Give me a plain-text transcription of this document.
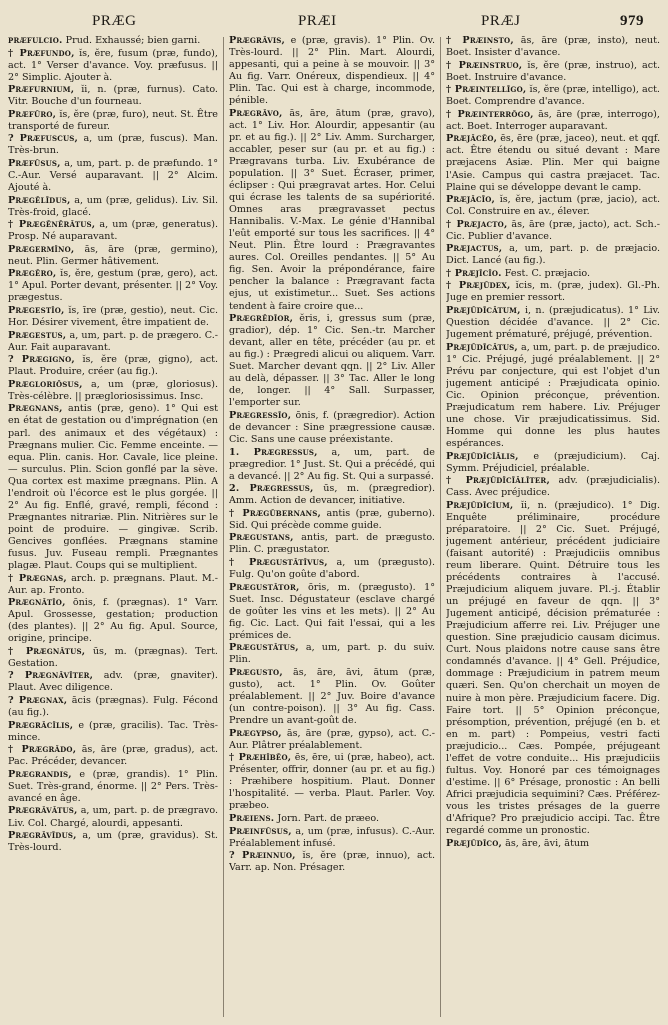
PRÆG	PRÆI	PRÆJ	979

præfulcio. Prud. Exhaussé; bien garni.

† Præfundo, ĭs, ĕre, fusum (præ, fundo), act. 1° Verser d'avance. Voy. præfusus. || 2° Simplic. Ajouter à.

Præfurnium, ĭi, n. (præ, furnus). Cato. Vitr. Bouche d'un fourneau.

Præfūro, ĭs, ĕre (præ, furo), neut. St. Être transporté de fureur.

? Præfuscus, a, um (præ, fuscus). Man. Très-brun.

Præfūsus, a, um, part. p. de præfundo. 1° C.-Aur. Versé auparavant. || 2° Alcim. Ajouté à.

Prægĕlĭdus, a, um (præ, gelidus). Liv. Sil. Très-froid, glacé.

† Prægĕnĕrātus, a, um (præ, generatus). Prosp. Né auparavant.

Prægermĭno, ās, āre (præ, germino), neut. Plin. Germer hâtivement.

Prægĕro, ĭs, ĕre, gestum (præ, gero), act. 1° Apul. Porter devant, présenter. || 2° Voy. prægestus.

Prægestĭo, ĭs, īre (præ, gestio), neut. Cic. Hor. Désirer vivement, être impatient de.

Prægestus, a, um, part. p. de prægero. C.-Aur. Fait auparavant.

? Prægigno, ĭs, ĕre (præ, gigno), act. Plaut. Produire, créer (au fig.).

Prægloriōsus, a, um (præ, gloriosus). Très-célèbre. || prægloriosissimus. Insc.

Prægnans, antis (præ, geno). 1° Qui est en état de gestation ou d'imprégnation (en parl. des animaux et des végétaux) : Prægnans mulier. Cic. Femme enceinte. — equa. Plin. canis. Hor. Cavale, lice pleine. — surculus. Plin. Scion gonflé par la sève. Qua cortex est maxime prægnans. Plin. A l'endroit où l'écorce est le plus gorgée. || 2° Au fig. Enflé, gravé, rempli, fécond : Prægnantes nitrariæ. Plin. Nitrières sur le point de produire. — gingivæ. Scrib. Gencives gonflées. Prægnans stamine fusus. Juv. Fuseau rempli. Prægnantes plagæ. Plaut. Coups qui se multiplient.

† Prægnas, arch. p. prægnans. Plaut. M.-Aur. ap. Fronto.

Prægnātĭo, ōnis, f. (prægnas). 1° Varr. Apul. Grossesse, gestation; production (des plantes). || 2° Au fig. Apul. Source, origine, principe.

† Prægnātus, ūs, m. (prægnas). Tert. Gestation.

? Prægnāvĭter, adv. (præ, gnaviter). Plaut. Avec diligence.

? Prægnax, ācis (prægnas). Fulg. Fécond (au fig.).

Prægrăcĭlis, e (præ, gracilis). Tac. Très-mince.

† Prægrădo, ās, āre (præ, gradus), act. Pac. Précéder, devancer.

Prægrandis, e (præ, grandis). 1° Plin. Suet. Très-grand, énorme. || 2° Pers. Très-avancé en âge.

Prægrăvātus, a, um, part. p. de prægravo. Liv. Col. Chargé, alourdi, appesanti.

Prægrăvĭdus, a, um (præ, gravidus). St. Très-lourd.

Prægrăvis, e (præ, gravis). 1° Plin. Ov. Très-lourd. || 2° Plin. Mart. Alourdi, appesanti, qui a peine à se mouvoir. || 3° Au fig. Varr. Onéreux, dispendieux. || 4° Plin. Tac. Qui est à charge, incommode, pénible.

Prægrăvo, ās, āre, ātum (præ, gravo), act. 1° Liv. Hor. Alourdir, appesantir (au pr. et au fig.). || 2° Liv. Amm. Surcharger, accabler, peser sur (au pr. et au fig.) : Prægravans turba. Liv. Exubérance de population. || 3° Suet. Écraser, primer, éclipser : Qui prægravat artes. Hor. Celui qui écrase les talents de sa supériorité. Omnes aras prægravasset pectus Hannibalis. V.-Max. Le génie d'Hannibal l'eût emporté sur tous les sacrifices. || 4° Neut. Plin. Être lourd : Prægravantes aures. Col. Oreilles pendantes. || 5° Au fig. Sen. Avoir la prépondérance, faire pencher la balance : Prægravant facta ejus, ut existimetur... Suet. Ses actions tendent à faire croire que...

Prægrĕdĭor, ĕris, i, gressus sum (præ, gradior), dép. 1° Cic. Sen.-tr. Marcher devant, aller en tête, précéder (au pr. et au fig.) : Prægredi alicui ou aliquem. Varr. Suet. Marcher devant qqn. || 2° Liv. Aller au delà, dépasser. || 3° Tac. Aller le long de, longer. || 4° Sall. Surpasser, l'emporter sur.

Prægressĭo, ōnis, f. (prægredior). Action de devancer : Sine prægressione causæ. Cic. Sans une cause préexistante.

1. Prægressus, a, um, part. de prægredior. 1° Just. St. Qui a précédé, qui a devancé. || 2° Au fig. St. Qui a surpassé.

2. Prægressus, ūs, m. (prægredior). Amm. Action de devancer, initiative.

† Prægŭbernans, antis (præ, guberno). Sid. Qui précède comme guide.

Prægustans, antis, part. de prægusto. Plin. C. prægustator.

† Prægustātīvus, a, um (prægusto). Fulg. Qu'on goûte d'abord.

Prægustātor, ōris, m. (prægusto). 1° Suet. Insc. Dégustateur (esclave chargé de goûter les vins et les mets). || 2° Au fig. Cic. Lact. Qui fait l'essai, qui a les prémices de.

Prægustātus, a, um, part. p. du suiv. Plin.

Prægusto, ās, āre, āvi, ātum (præ, gusto), act. 1° Plin. Ov. Goûter préalablement. || 2° Juv. Boire d'avance (un contre-poison). || 3° Au fig. Cass. Prendre un avant-goût de.

Prægypso, ās, āre (præ, gypso), act. C.-Aur. Plâtrer préalablement.

† Præhĭbĕo, ēs, ēre, ui (præ, habeo), act. Présenter, offrir, donner (au pr. et au fig.) : Præhibere hospitium. Plaut. Donner l'hospitalité. — verba. Plaut. Parler. Voy. præbeo.

Præiens. Jorn. Part. de præeo.

Præinfūsus, a, um (præ, infusus). C.-Aur. Préalablement infusé.

? Præinnuo, ĭs, ĕre (præ, innuo), act. Varr. ap. Non. Présager.

† Præinsto, ās, āre (præ, insto), neut. Boet. Insister d'avance.

† Præinstruo, ĭs, ĕre (præ, instruo), act. Boet. Instruire d'avance.

† Præintellĭgo, ĭs, ĕre (præ, intelligo), act. Boet. Comprendre d'avance.

† Præinterrŏgo, ās, āre (præ, interrogo), act. Boet. Interroger auparavant.

Præjăcĕo, ēs, ēre (præ, jaceo), neut. et qqf. act. Être étendu ou situé devant : Mare præjacens Asiæ. Plin. Mer qui baigne l'Asie. Campus qui castra præjacet. Tac. Plaine qui se développe devant le camp.

Præjăcĭo, ĭs, ĕre, jactum (præ, jacio), act. Col. Construire en av., élever.

† Præjacto, ās, āre (præ, jacto), act. Sch.-Cic. Publier d'avance.

Præjactus, a, um, part. p. de præjacio. Dict. Lancé (au fig.).

† Præjĭcĭo. Fest. C. præjacio.

† Præjūdex, ĭcis, m. (præ, judex). Gl.-Ph. Juge en premier ressort.

Præjūdĭcātum, i, n. (præjudicatus). 1° Liv. Question décidée d'avance. || 2° Cic. Jugement prématuré, préjugé, prévention.

Præjūdĭcātus, a, um, part. p. de præjudico. 1° Cic. Préjugé, jugé préalablement. || 2° Prévu par conjecture, qui est l'objet d'un jugement anticipé : Præjudicata opinio. Cic. Opinion préconçue, prévention. Præjudicatum rem habere. Liv. Préjuger une chose. Vir præjudicatissimus. Sid. Homme qui donne les plus hautes espérances.

Præjūdĭcĭālis, e (præjudicium). Caj. Symm. Préjudiciel, préalable.

† Præjūdĭcĭālĭter, adv. (præjudicialis). Cass. Avec préjudice.

Præjūdĭcĭum, ĭi, n. (præjudico). 1° Dig. Enquête préliminaire, procédure préparatoire. || 2° Cic. Suet. Préjugé, jugement antérieur, précédent judiciaire (faisant autorité) : Præjudiciis omnibus reum liberare. Quint. Détruire tous les précédents contraires à l'accusé. Præjudicium aliquem juvare. Pl.-j. Établir un préjugé en faveur de qqn. || 3° Jugement anticipé, décision prématurée : Præjudicium afferre rei. Liv. Préjuger une question. Sine præjudicio causam dicimus. Curt. Nous plaidons notre cause sans être condamnés d'avance. || 4° Gell. Préjudice, dommage : Præjudicium in patrem meum quæri. Sen. Qu'on cherchait un moyen de nuire à mon père. Præjudicium facere. Dig. Faire tort. || 5° Opinion préconçue, présomption, prévention, préjugé (en b. et en m. part) : Pompeius, vestri facti præjudicio... Cæs. Pompée, préjugeant l'effet de votre conduite... His præjudiciis fultus. Voy. Honoré par ces témoignages d'estime. || 6° Présage, pronostic : An belli Africi præjudicia sequimini? Cæs. Préférez-vous les tristes présages de la guerre d'Afrique? Pro præjudicio accipi. Tac. Être regardé comme un pronostic.

Præjūdĭco, ās, āre, āvi, ātum
